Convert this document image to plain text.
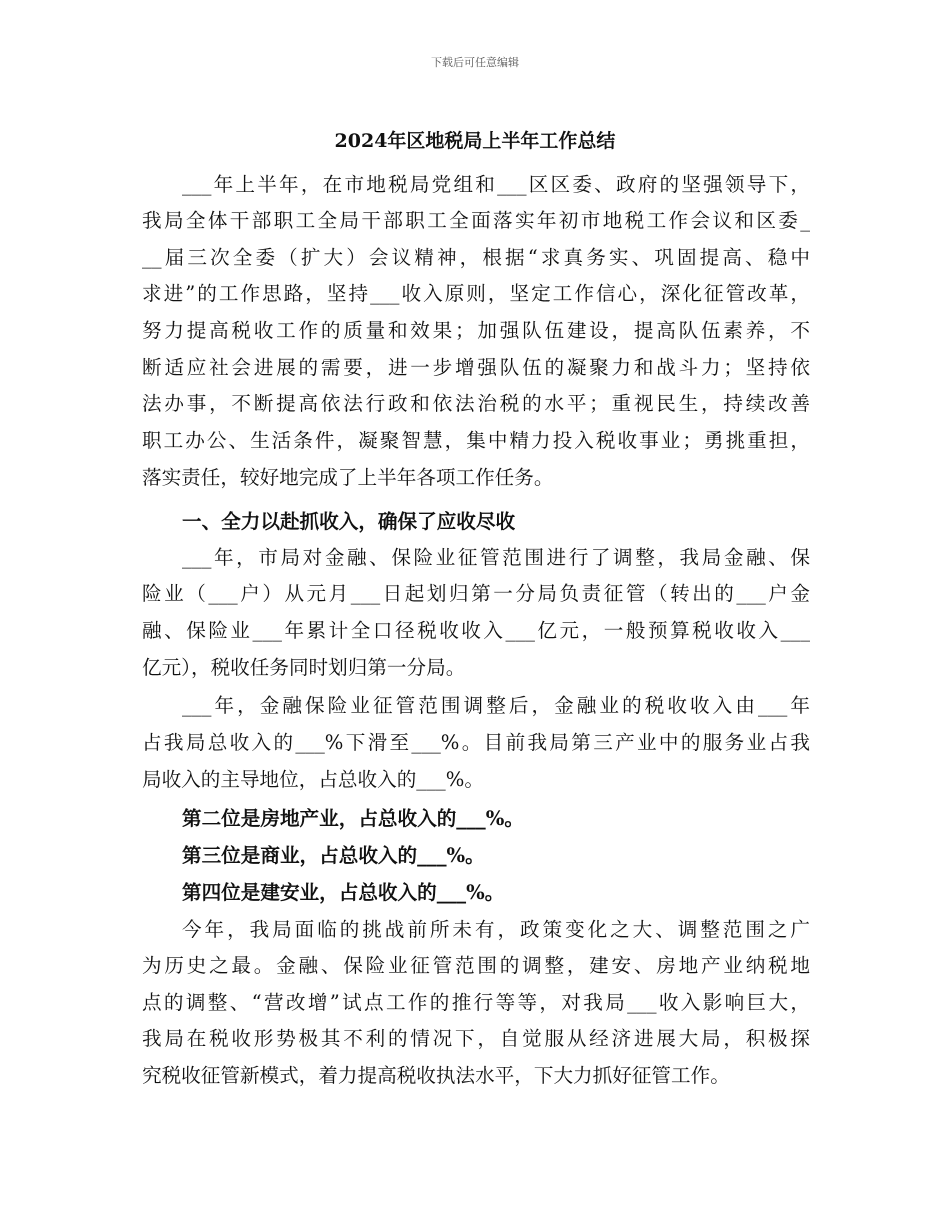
下载后可任意编辑
2024年区地税局上半年工作总结
___年上半年，在市地税局党组和___区区委、政府的坚强领导下，
我局全体干部职工全局干部职工全面落实年初市地税工作会议和区委_
__届三次全委（扩大）会议精神，根据“求真务实、巩固提高、稳中
求进”的工作思路，坚持___收入原则，坚定工作信心，深化征管改革，
努力提高税收工作的质量和效果；加强队伍建设，提高队伍素养，不
断适应社会进展的需要，进一步增强队伍的凝聚力和战斗力；坚持依
法办事，不断提高依法行政和依法治税的水平；重视民生，持续改善
职工办公、生活条件，凝聚智慧，集中精力投入税收事业；勇挑重担，
落实责任，较好地完成了上半年各项工作任务。
一、全力以赴抓收入，确保了应收尽收
___年，市局对金融、保险业征管范围进行了调整，我局金融、保
险业（___户）从元月___日起划归第一分局负责征管（转出的___户金
融、保险业___年累计全口径税收收入___亿元，一般预算税收收入___
亿元），税收任务同时划归第一分局。
___年，金融保险业征管范围调整后，金融业的税收收入由___年
占我局总收入的___%下滑至___%。目前我局第三产业中的服务业占我
局收入的主导地位，占总收入的___%。
第二位是房地产业，占总收入的___%。
第三位是商业，占总收入的___%。
第四位是建安业，占总收入的___%。
今年，我局面临的挑战前所未有，政策变化之大、调整范围之广
为历史之最。金融、保险业征管范围的调整，建安、房地产业纳税地
点的调整、“营改增”试点工作的推行等等，对我局___收入影响巨大，
我局在税收形势极其不利的情况下，自觉服从经济进展大局，积极探
究税收征管新模式，着力提高税收执法水平，下大力抓好征管工作。
